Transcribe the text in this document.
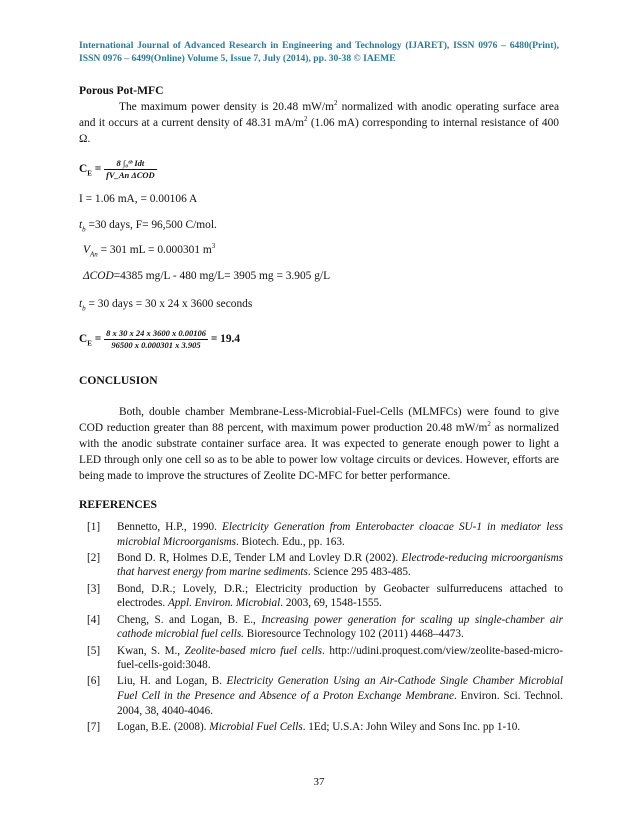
International Journal of Advanced Research in Engineering and Technology (IJARET), ISSN 0976 – 6480(Print), ISSN 0976 – 6499(Online) Volume 5, Issue 7, July (2014), pp. 30-38 © IAEME
Porous Pot-MFC
The maximum power density is 20.48 $mW/m^2$ normalized with anodic operating surface area and it occurs at a current density of 48.31 $mA/m^2$ (1.06 mA) corresponding to internal resistance of 400 Ω.
$C_E = \frac{\text{8 ∫₀ᵗᵇ Idt}}{\text{fV\_An ΔCOD}}$
I = 1.06 mA, = 0.00106 A
$t_b =30$ days, F= 96,500 C/mol.
$V_{An} = 301$ mL = 0.000301 $m^3$
ΔCOD=4385 mg/L - 480 mg/L= 3905 mg = 3.905 g/L
$t_b = 30$ days = 30 x 24 x 3600 seconds
$C_E = \frac{8 x 30 x 24 x 3600 x 0.00106}{96500 x 0.000301 x 3.905} = 19.4$
CONCLUSION
Both, double chamber Membrane-Less-Microbial-Fuel-Cells (MLMFCs) were found to give COD reduction greater than 88 percent, with maximum power production 20.48 $mW/m^2$ as normalized with the anodic substrate container surface area. It was expected to generate enough power to light a LED through only one cell so as to be able to power low voltage circuits or devices. However, efforts are being made to improve the structures of Zeolite DC-MFC for better performance.
REFERENCES
[1] Bennetto, H.P., 1990. Electricity Generation from Enterobacter cloacae SU-1 in mediator less microbial Microorganisms. Biotech. Edu., pp. 163.
[2] Bond D. R, Holmes D.E, Tender LM and Lovley D.R (2002). Electrode-reducing microorganisms that harvest energy from marine sediments. Science 295 483-485.
[3] Bond, D.R.; Lovely, D.R.; Electricity production by Geobacter sulfurreducens attached to electrodes. Appl. Environ. Microbial. 2003, 69, 1548-1555.
[4] Cheng, S. and Logan, B. E., Increasing power generation for scaling up single-chamber air cathode microbial fuel cells. Bioresource Technology 102 (2011) 4468–4473.
[5] Kwan, S. M., Zeolite-based micro fuel cells. http://udini.proquest.com/view/zeolite-based-micro-fuel-cells-goid:3048.
[6] Liu, H. and Logan, B. Electricity Generation Using an Air-Cathode Single Chamber Microbial Fuel Cell in the Presence and Absence of a Proton Exchange Membrane. Environ. Sci. Technol. 2004, 38, 4040-4046.
[7] Logan, B.E. (2008). Microbial Fuel Cells. 1Ed; U.S.A: John Wiley and Sons Inc. pp 1-10.
37
